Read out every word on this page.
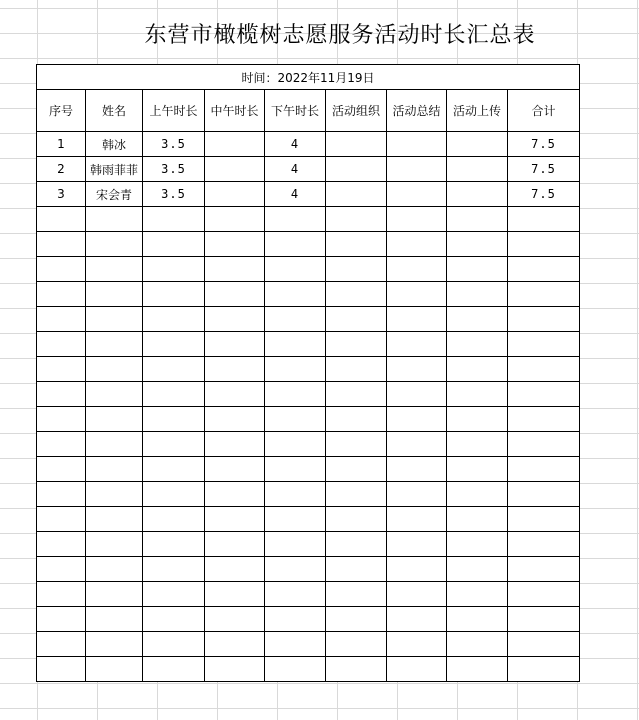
东营市橄榄树志愿服务活动时长汇总表
时间：2022年11月19日								
序号	姓名	上午时长	中午时长	下午时长	活动组织	活动总结	活动上传	合计
1	韩冰	3.5		4				7.5
2	韩雨菲菲	3.5		4				7.5
3	宋会青	3.5		4				7.5
